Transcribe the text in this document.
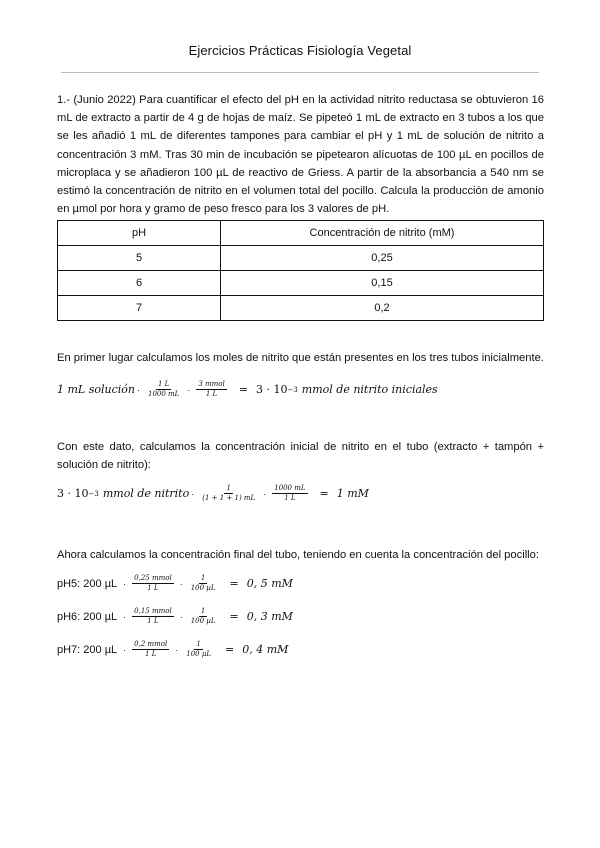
Ejercicios Prácticas Fisiología Vegetal
1.- (Junio 2022) Para cuantificar el efecto del pH en la actividad nitrito reductasa se obtuvieron 16 mL de extracto a partir de 4 g de hojas de maíz. Se pipeteó 1 mL de extracto en 3 tubos a los que se les añadió 1 mL de diferentes tampones para cambiar el pH y 1 mL de solución de nitrito a concentración 3 mM. Tras 30 min de incubación se pipetearon alícuotas de 100 µL en pocillos de microplaca y se añadieron 100 µL de reactivo de Griess. A partir de la absorbancia a 540 nm se estimó la concentración de nitrito en el volumen total del pocillo. Calcula la producción de amonio en µmol por hora y gramo de peso fresco para los 3 valores de pH.
pH	Concentración de nitrito (mM)
5	0,25
6	0,15
7	0,2
En primer lugar calculamos los moles de nitrito que están presentes en los tres tubos inicialmente.
1 mL solución · $\frac{1 L}{1000 mL} \cdot \frac{\text{3 mmol}}{1 L} = 3 \cdot 10 -3$ mmol de nitrito iniciales
Con este dato, calculamos la concentración inicial de nitrito en el tubo (extracto + tampón + solución de nitrito):
3 · 10 −3 mmol de nitrito · $\frac{1}{(1 + 1 + 1) mL} \cdot \frac{1000 mL}{1 L} = 1$ mM
Ahora calculamos la concentración final del tubo, teniendo en cuenta la concentración del pocillo:
pH5: 200 $\mu L \cdot \frac{\text{0,25 mmol}}{1 L} \cdot \frac{1}{\text{100 µL}} = 0$, 5 mM
pH6: 200 $\mu L \cdot \frac{\text{0,15 mmol}}{1 L} \cdot \frac{1}{\text{100 µL}} = 0$, 3 mM
pH7: 200 $\mu L \cdot \frac{\text{0,2 mmol}}{1 L} \cdot \frac{1}{\text{100 µL}} = 0$, 4 mM
